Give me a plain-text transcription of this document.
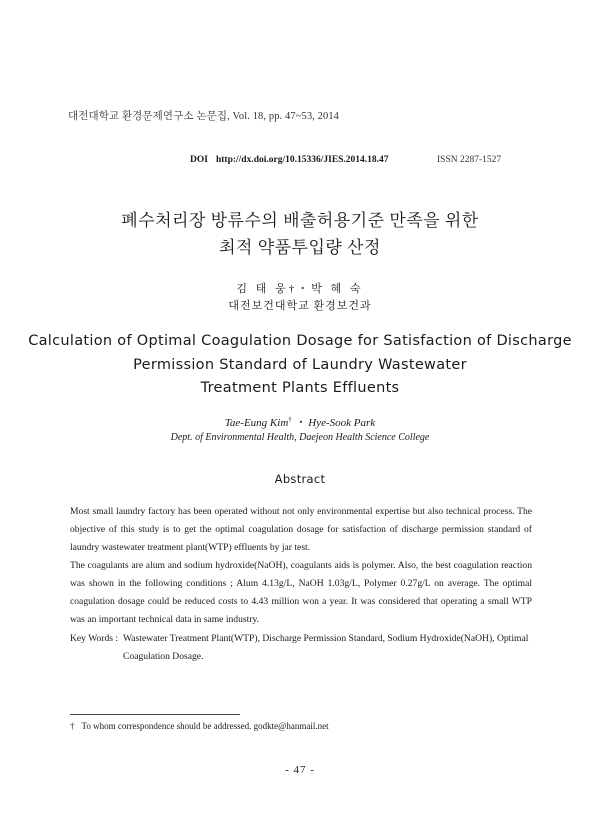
대전대학교 환경문제연구소 논문집, Vol. 18, pp. 47~53, 2014
DOI http://dx.doi.org/10.15336/JIES.2014.18.47	ISSN 2287-1527
폐수처리장 방류수의 배출허용기준 만족을 위한
최적 약품투입량 산정
김 태 웅†・박 혜 숙
대전보건대학교 환경보건과
Calculation of Optimal Coagulation Dosage for Satisfaction of Discharge
Permission Standard of Laundry Wastewater
Treatment Plants Effluents
Tae-Eung Kim† ・ Hye-Sook Park
Dept. of Environmental Health, Daejeon Health Science College
Abstract

Most small laundry factory has been operated without not only environmental expertise but also technical process. The objective of this study is to get the optimal coagulation dosage for satisfaction of discharge permission standard of laundry wastewater treatment plant(WTP) effluents by jar test.

The coagulants are alum and sodium hydroxide(NaOH), coagulants aids is polymer. Also, the best coagulation reaction was shown in the following conditions ; Alum 4.13g/L, NaOH 1.03g/L, Polymer 0.27g/L on average. The optimal coagulation dosage could be reduced costs to 4.43 million won a year. It was considered that operating a small WTP was an important technical data in same industry.

Key Words : Wastewater Treatment Plant(WTP), Discharge Permission Standard, Sodium Hydroxide(NaOH), Optimal Coagulation Dosage.
† To whom correspondence should be addressed. godkte@hanmail.net
- 47 -
